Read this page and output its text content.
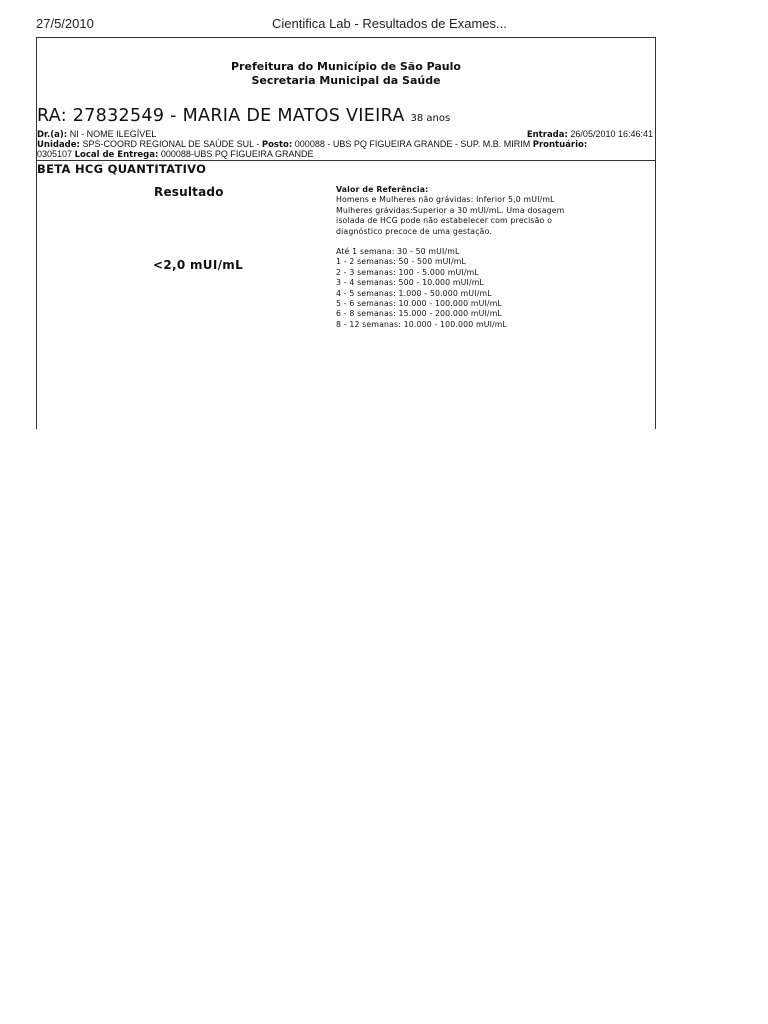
27/5/2010	Cientifica Lab - Resultados de Exames...
Prefeitura do Município de São Paulo
Secretaria Municipal da Saúde
RA: 27832549 - MARIA DE MATOS VIEIRA 38 anos
Dr.(a): NI - NOME ILEGÍVEL	Entrada: 26/05/2010 16:46:41
Unidade: SPS-COORD REGIONAL DE SAÚDE SUL - Posto: 000088 - UBS PQ FIGUEIRA GRANDE - SUP. M.B. MIRIM Prontuário:
0305107 Local de Entrega: 000088-UBS PQ FIGUEIRA GRANDE
BETA HCG QUANTITATIVO
Resultado
<2,0 mUI/mL
Valor de Referência:
Homens e Mulheres não grávidas: Inferior 5,0 mUI/mL
Mulheres grávidas:Superior a 30 mUI/mL. Uma dosagem
isolada de HCG pode não estabelecer com precisão o
diagnóstico precoce de uma gestação.
Até 1 semana: 30 - 50 mUI/mL
1 - 2 semanas: 50 - 500 mUI/mL
2 - 3 semanas: 100 - 5.000 mUI/mL
3 - 4 semanas: 500 - 10.000 mUI/mL
4 - 5 semanas: 1.000 - 50.000 mUI/mL
5 - 6 semanas: 10.000 - 100.000 mUI/mL
6 - 8 semanas: 15.000 - 200.000 mUI/mL
8 - 12 semanas: 10.000 - 100.000 mUI/mL
